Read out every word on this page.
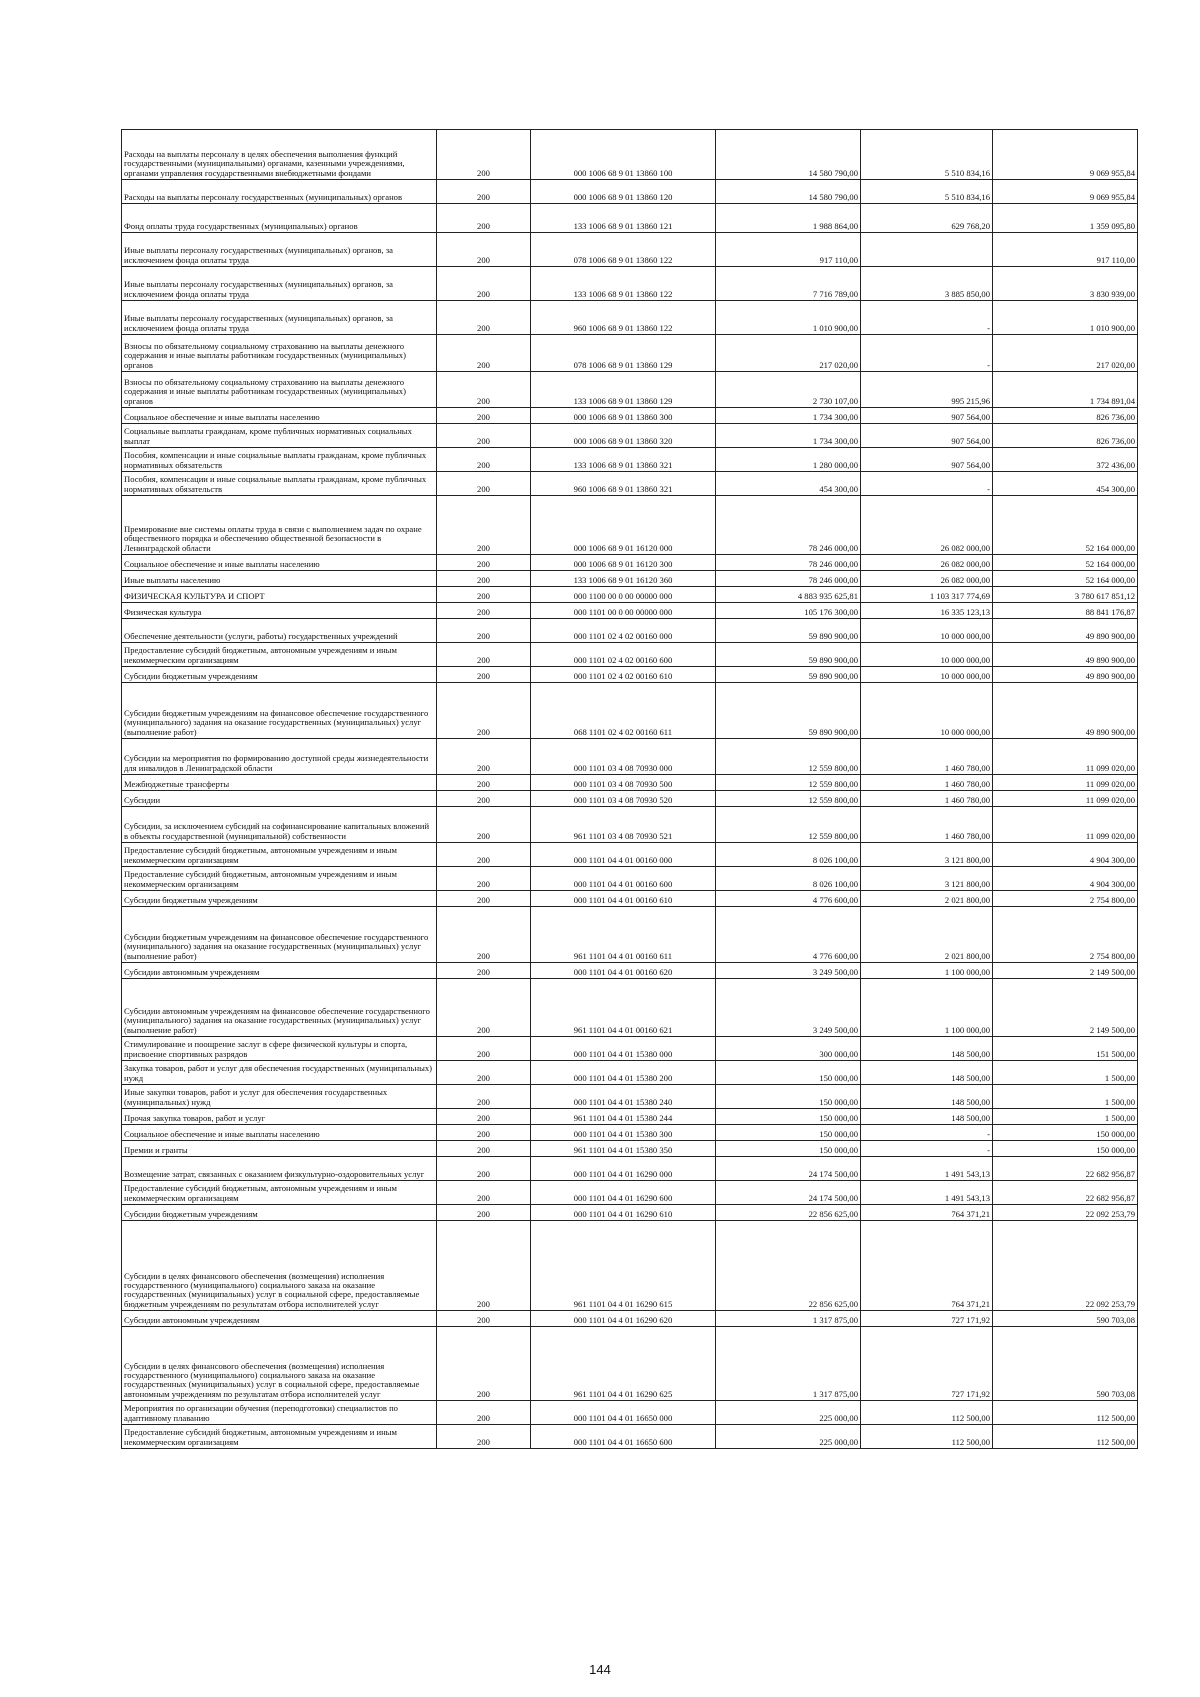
Расходы на выплаты персоналу в целях обеспечения выполнения функций государственными (муниципальными) органами, казенными учреждениями, органами управления государственными внебюджетными фондами	200	000 1006 68 9 01 13860 100	14 580 790,00	5 510 834,16	9 069 955,84
Расходы на выплаты персоналу государственных (муниципальных) органов	200	000 1006 68 9 01 13860 120	14 580 790,00	5 510 834,16	9 069 955,84
Фонд оплаты труда государственных (муниципальных) органов	200	133 1006 68 9 01 13860 121	1 988 864,00	629 768,20	1 359 095,80
Иные выплаты персоналу государственных (муниципальных) органов, за исключением фонда оплаты труда	200	078 1006 68 9 01 13860 122	917 110,00		917 110,00
Иные выплаты персоналу государственных (муниципальных) органов, за исключением фонда оплаты труда	200	133 1006 68 9 01 13860 122	7 716 789,00	3 885 850,00	3 830 939,00
Иные выплаты персоналу государственных (муниципальных) органов, за исключением фонда оплаты труда	200	960 1006 68 9 01 13860 122	1 010 900,00	-	1 010 900,00
Взносы по обязательному социальному страхованию на выплаты денежного содержания и иные выплаты работникам государственных (муниципальных) органов	200	078 1006 68 9 01 13860 129	217 020,00	-	217 020,00
Взносы по обязательному социальному страхованию на выплаты денежного содержания и иные выплаты работникам государственных (муниципальных) органов	200	133 1006 68 9 01 13860 129	2 730 107,00	995 215,96	1 734 891,04
Социальное обеспечение и иные выплаты населению	200	000 1006 68 9 01 13860 300	1 734 300,00	907 564,00	826 736,00
Социальные выплаты гражданам, кроме публичных нормативных социальных выплат	200	000 1006 68 9 01 13860 320	1 734 300,00	907 564,00	826 736,00
Пособия, компенсации и иные социальные выплаты гражданам, кроме публичных нормативных обязательств	200	133 1006 68 9 01 13860 321	1 280 000,00	907 564,00	372 436,00
Пособия, компенсации и иные социальные выплаты гражданам, кроме публичных нормативных обязательств	200	960 1006 68 9 01 13860 321	454 300,00	-	454 300,00
Премирование вне системы оплаты труда в связи с выполнением задач по охране общественного порядка и обеспечению общественной безопасности в Ленинградской области	200	000 1006 68 9 01 16120 000	78 246 000,00	26 082 000,00	52 164 000,00
Социальное обеспечение и иные выплаты населению	200	000 1006 68 9 01 16120 300	78 246 000,00	26 082 000,00	52 164 000,00
Иные выплаты населению	200	133 1006 68 9 01 16120 360	78 246 000,00	26 082 000,00	52 164 000,00
ФИЗИЧЕСКАЯ КУЛЬТУРА И СПОРТ	200	000 1100 00 0 00 00000 000	4 883 935 625,81	1 103 317 774,69	3 780 617 851,12
Физическая культура	200	000 1101 00 0 00 00000 000	105 176 300,00	16 335 123,13	88 841 176,87
Обеспечение деятельности (услуги, работы) государственных учреждений	200	000 1101 02 4 02 00160 000	59 890 900,00	10 000 000,00	49 890 900,00
Предоставление субсидий бюджетным, автономным учреждениям и иным некоммерческим организациям	200	000 1101 02 4 02 00160 600	59 890 900,00	10 000 000,00	49 890 900,00
Субсидии бюджетным учреждениям	200	000 1101 02 4 02 00160 610	59 890 900,00	10 000 000,00	49 890 900,00
Субсидии бюджетным учреждениям на финансовое обеспечение государственного (муниципального) задания на оказание государственных (муниципальных) услуг (выполнение работ)	200	068 1101 02 4 02 00160 611	59 890 900,00	10 000 000,00	49 890 900,00
Субсидии на мероприятия по формированию доступной среды жизнедеятельности для инвалидов в Ленинградской области	200	000 1101 03 4 08 70930 000	12 559 800,00	1 460 780,00	11 099 020,00
Межбюджетные трансферты	200	000 1101 03 4 08 70930 500	12 559 800,00	1 460 780,00	11 099 020,00
Субсидии	200	000 1101 03 4 08 70930 520	12 559 800,00	1 460 780,00	11 099 020,00
Субсидии, за исключением субсидий на софинансирование капитальных вложений в объекты государственной (муниципальной) собственности	200	961 1101 03 4 08 70930 521	12 559 800,00	1 460 780,00	11 099 020,00
Предоставление субсидий бюджетным, автономным учреждениям и иным некоммерческим организациям	200	000 1101 04 4 01 00160 000	8 026 100,00	3 121 800,00	4 904 300,00
Предоставление субсидий бюджетным, автономным учреждениям и иным некоммерческим организациям	200	000 1101 04 4 01 00160 600	8 026 100,00	3 121 800,00	4 904 300,00
Субсидии бюджетным учреждениям	200	000 1101 04 4 01 00160 610	4 776 600,00	2 021 800,00	2 754 800,00
Субсидии бюджетным учреждениям на финансовое обеспечение государственного (муниципального) задания на оказание государственных (муниципальных) услуг (выполнение работ)	200	961 1101 04 4 01 00160 611	4 776 600,00	2 021 800,00	2 754 800,00
Субсидии автономным учреждениям	200	000 1101 04 4 01 00160 620	3 249 500,00	1 100 000,00	2 149 500,00
Субсидии автономным учреждениям на финансовое обеспечение государственного (муниципального) задания на оказание государственных (муниципальных) услуг (выполнение работ)	200	961 1101 04 4 01 00160 621	3 249 500,00	1 100 000,00	2 149 500,00
Стимулирование и поощрение заслуг в сфере физической культуры и спорта, присвоение спортивных разрядов	200	000 1101 04 4 01 15380 000	300 000,00	148 500,00	151 500,00
Закупка товаров, работ и услуг для обеспечения государственных (муниципальных) нужд	200	000 1101 04 4 01 15380 200	150 000,00	148 500,00	1 500,00
Иные закупки товаров, работ и услуг для обеспечения государственных (муниципальных) нужд	200	000 1101 04 4 01 15380 240	150 000,00	148 500,00	1 500,00
Прочая закупка товаров, работ и услуг	200	961 1101 04 4 01 15380 244	150 000,00	148 500,00	1 500,00
Социальное обеспечение и иные выплаты населению	200	000 1101 04 4 01 15380 300	150 000,00	-	150 000,00
Премии и гранты	200	961 1101 04 4 01 15380 350	150 000,00	-	150 000,00
Возмещение затрат, связанных с оказанием физкультурно-оздоровительных услуг	200	000 1101 04 4 01 16290 000	24 174 500,00	1 491 543,13	22 682 956,87
Предоставление субсидий бюджетным, автономным учреждениям и иным некоммерческим организациям	200	000 1101 04 4 01 16290 600	24 174 500,00	1 491 543,13	22 682 956,87
Субсидии бюджетным учреждениям	200	000 1101 04 4 01 16290 610	22 856 625,00	764 371,21	22 092 253,79
Субсидии в целях финансового обеспечения (возмещения) исполнения государственного (муниципального) социального заказа на оказание государственных (муниципальных) услуг в социальной сфере, предоставляемые бюджетным учреждениям по результатам отбора исполнителей услуг	200	961 1101 04 4 01 16290 615	22 856 625,00	764 371,21	22 092 253,79
Субсидии автономным учреждениям	200	000 1101 04 4 01 16290 620	1 317 875,00	727 171,92	590 703,08
Субсидии в целях финансового обеспечения (возмещения) исполнения государственного (муниципального) социального заказа на оказание государственных (муниципальных) услуг в социальной сфере, предоставляемые автономным учреждениям по результатам отбора исполнителей услуг	200	961 1101 04 4 01 16290 625	1 317 875,00	727 171,92	590 703,08
Мероприятия по организации обучения (переподготовки) специалистов по адаптивному плаванию	200	000 1101 04 4 01 16650 000	225 000,00	112 500,00	112 500,00
Предоставление субсидий бюджетным, автономным учреждениям и иным некоммерческим организациям	200	000 1101 04 4 01 16650 600	225 000,00	112 500,00	112 500,00
144
